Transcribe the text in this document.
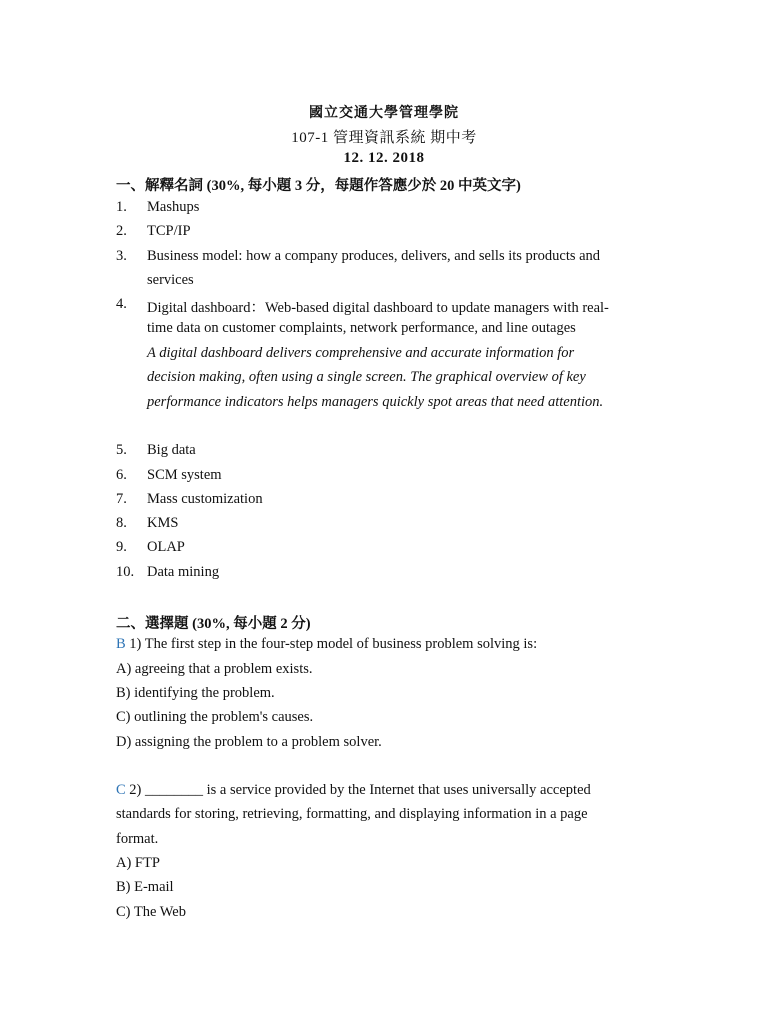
國立交通大學管理學院
107-1 管理資訊系統 期中考
12. 12. 2018
一、解釋名詞 (30%, 每小題 3 分，每題作答應少於 20 中英文字)
1. Mashups
2. TCP/IP
3. Business model: how a company produces, delivers, and sells its products and
services
4. Digital dashboard：Web-based digital dashboard to update managers with real-
time data on customer complaints, network performance, and line outages
A digital dashboard delivers comprehensive and accurate information for
decision making, often using a single screen. The graphical overview of key
performance indicators helps managers quickly spot areas that need attention.
5. Big data
6. SCM system
7. Mass customization
8. KMS
9. OLAP
10. Data mining
二、選擇題 (30%, 每小題 2 分)
B 1) The first step in the four-step model of business problem solving is:
A) agreeing that a problem exists.
B) identifying the problem.
C) outlining the problem's causes.
D) assigning the problem to a problem solver.
C 2) ________ is a service provided by the Internet that uses universally accepted
standards for storing, retrieving, formatting, and displaying information in a page
format.
A) FTP
B) E-mail
C) The Web
